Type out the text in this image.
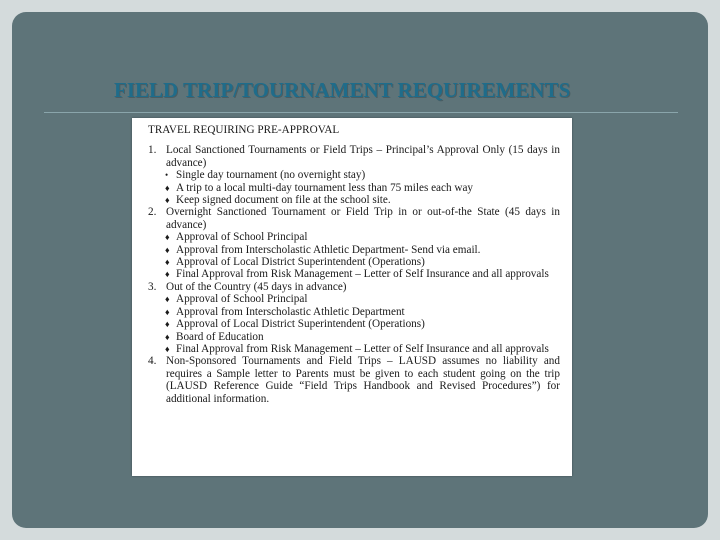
FIELD TRIP/TOURNAMENT REQUIREMENTS
TRAVEL REQUIRING PRE-APPROVAL
1. Local Sanctioned Tournaments or Field Trips – Principal’s Approval Only (15 days in advance)
• Single day tournament (no overnight stay)
♦ A trip to a local multi-day tournament less than 75 miles each way
♦ Keep signed document on file at the school site.
2. Overnight Sanctioned Tournament or Field Trip in or out-of-the State (45 days in advance)
♦ Approval of School Principal
♦ Approval from Interscholastic Athletic Department- Send via email.
♦ Approval of Local District Superintendent (Operations)
♦ Final Approval from Risk Management – Letter of Self Insurance and all approvals
3. Out of the Country (45 days in advance)
♦ Approval of School Principal
♦ Approval from Interscholastic Athletic Department
♦ Approval of Local District Superintendent (Operations)
♦ Board of Education
♦ Final Approval from Risk Management – Letter of Self Insurance and all approvals
4. Non-Sponsored Tournaments and Field Trips – LAUSD assumes no liability and requires a Sample letter to Parents must be given to each student going on the trip (LAUSD Reference Guide “Field Trips Handbook and Revised Procedures”) for additional information.
